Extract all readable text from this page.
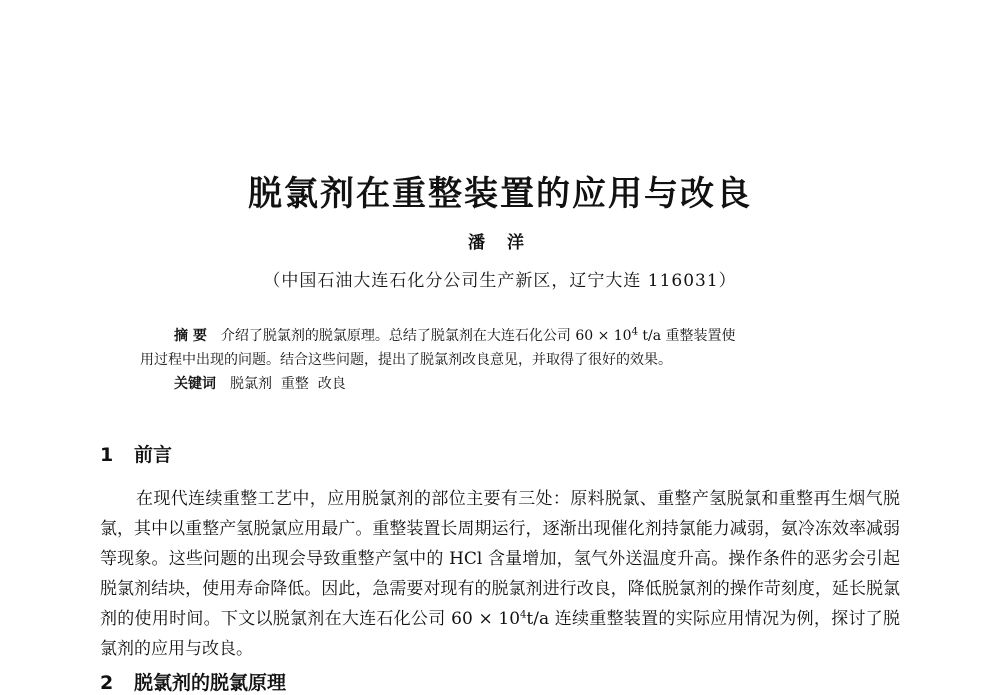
脱氯剂在重整装置的应用与改良
潘 洋
（中国石油大连石化分公司生产新区，辽宁大连 116031）

摘 要 介绍了脱氯剂的脱氯原理。总结了脱氯剂在大连石化公司 $60 \times 10^4$ t/a 重整装置使

用过程中出现的问题。结合这些问题，提出了脱氯剂改良意见，并取得了很好的效果。

关键词 脱氯剂  重整  改良

1 前言

在现代连续重整工艺中，应用脱氯剂的部位主要有三处：原料脱氯、重整产氢脱氯和重整再生烟气脱氯，其中以重整产氢脱氯应用最广。重整装置长周期运行，逐渐出现催化剂持氯能力减弱，氨冷冻效率减弱等现象。这些问题的出现会导致重整产氢中的 HCl 含量增加，氢气外送温度升高。操作条件的恶劣会引起脱氯剂结块，使用寿命降低。因此，急需要对现有的脱氯剂进行改良，降低脱氯剂的操作苛刻度，延长脱氯剂的使用时间。下文以脱氯剂在大连石化公司 $60 \times 10^4t/a$ 连续重整装置的实际应用情况为例，探讨了脱氯剂的应用与改良。

2 脱氯剂的脱氯原理
